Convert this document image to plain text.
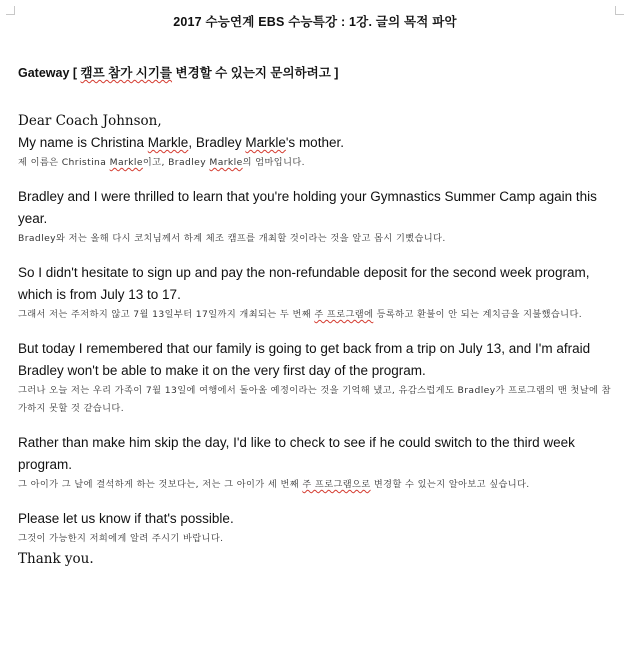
2017 수능연계 EBS 수능특강 : 1강. 글의 목적 파악
Gateway [ 캠프 참가 시기를 변경할 수 있는지 문의하려고 ]
Dear Coach Johnson,

My name is Christina Markle, Bradley Markle's mother.

제 이름은 Christina Markle이고, Bradley Markle의 엄마입니다.

Bradley and I were thrilled to learn that you're holding your Gymnastics Summer Camp again this year.

Bradley와 저는 올해 다시 코치님께서 하계 체조 캠프를 개최할 것이라는 것을 알고 몹시 기뻤습니다.

So I didn't hesitate to sign up and pay the non-refundable deposit for the second week program, which is from July 13 to 17.

그래서 저는 주저하지 않고 7월 13일부터 17일까지 개최되는 두 번째 주 프로그램에 등록하고 환불이 안 되는 계치금을 지불했습니다.

But today I remembered that our family is going to get back from a trip on July 13, and I'm afraid Bradley won't be able to make it on the very first day of the program.

그러나 오늘 저는 우리 가족이 7월 13일에 여행에서 돌아올 예정이라는 것을 기억해 냈고, 유감스럽게도 Bradley가 프로그램의 맨 첫날에 참가하지 못할 것 같습니다.

Rather than make him skip the day, I'd like to check to see if he could switch to the third week program.

그 아이가 그 날에 결석하게 하는 것보다는, 저는 그 아이가 세 번째 주 프로그램으로 변경할 수 있는지 알아보고 싶습니다.

Please let us know if that's possible.

그것이 가능한지 저희에게 알려 주시기 바랍니다.

Thank you.
